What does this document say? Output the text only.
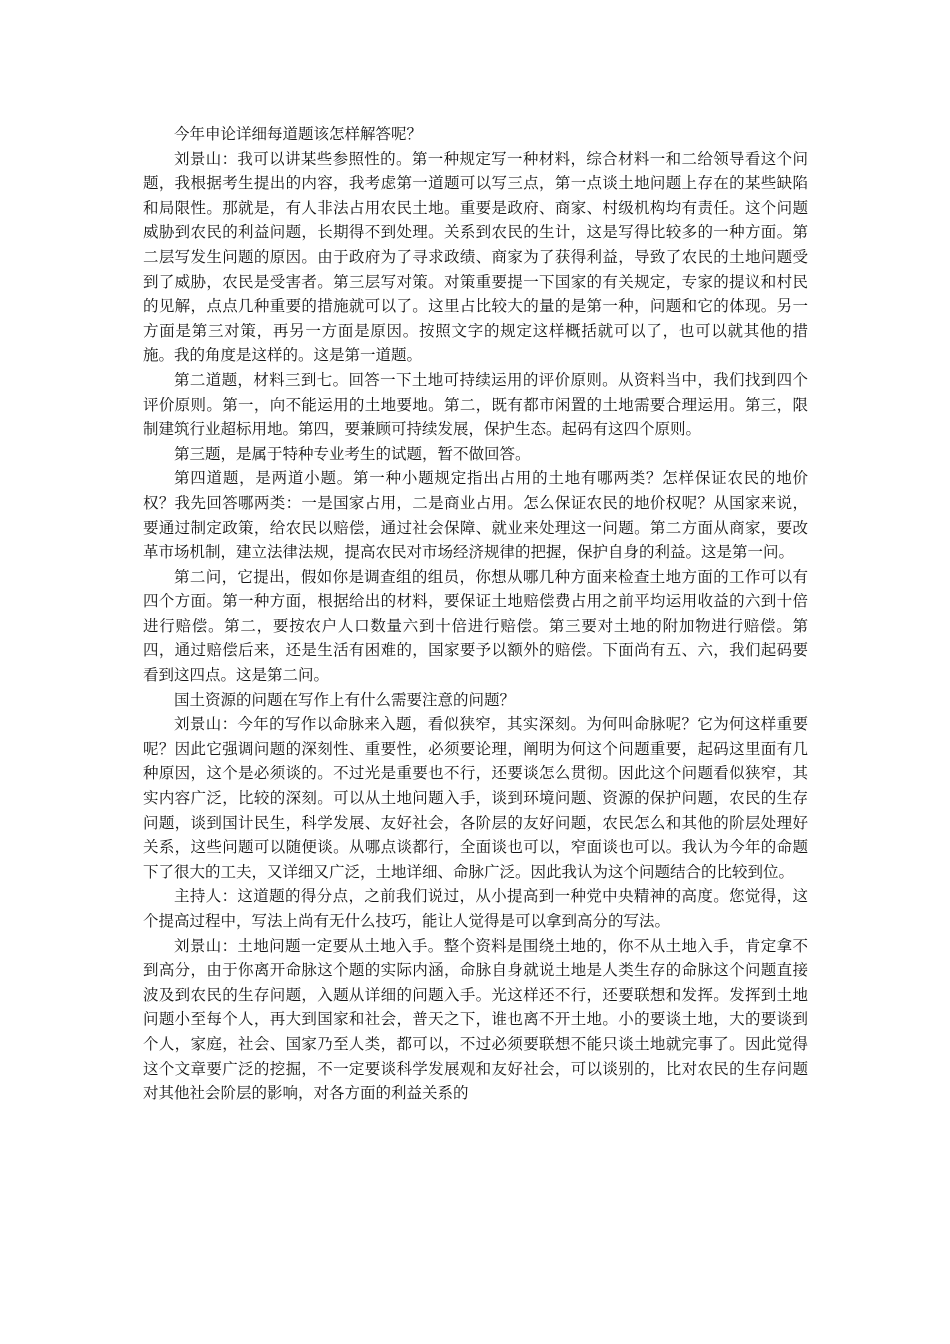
今年申论详细每道题该怎样解答呢？

刘景山：我可以讲某些参照性的。第一种规定写一种材料，综合材料一和二给领导看这个问题，我根据考生提出的内容，我考虑第一道题可以写三点，第一点谈土地问题上存在的某些缺陷和局限性。那就是，有人非法占用农民土地。重要是政府、商家、村级机构均有责任。这个问题威胁到农民的利益问题，长期得不到处理。关系到农民的生计，这是写得比较多的一种方面。第二层写发生问题的原因。由于政府为了寻求政绩、商家为了获得利益，导致了农民的土地问题受到了威胁，农民是受害者。第三层写对策。对策重要提一下国家的有关规定，专家的提议和村民的见解，点点几种重要的措施就可以了。这里占比较大的量的是第一种，问题和它的体现。另一方面是第三对策，再另一方面是原因。按照文字的规定这样概括就可以了，也可以就其他的措施。我的角度是这样的。这是第一道题。

第二道题，材料三到七。回答一下土地可持续运用的评价原则。从资料当中，我们找到四个评价原则。第一，向不能运用的土地要地。第二，既有都市闲置的土地需要合理运用。第三，限制建筑行业超标用地。第四，要兼顾可持续发展，保护生态。起码有这四个原则。

第三题，是属于特种专业考生的试题，暂不做回答。

第四道题，是两道小题。第一种小题规定指出占用的土地有哪两类？怎样保证农民的地价权？我先回答哪两类：一是国家占用，二是商业占用。怎么保证农民的地价权呢？从国家来说，要通过制定政策，给农民以赔偿，通过社会保障、就业来处理这一问题。第二方面从商家，要改革市场机制，建立法律法规，提高农民对市场经济规律的把握，保护自身的利益。这是第一问。

第二问，它提出，假如你是调查组的组员，你想从哪几种方面来检查土地方面的工作可以有四个方面。第一种方面，根据给出的材料，要保证土地赔偿费占用之前平均运用收益的六到十倍进行赔偿。第二，要按农户人口数量六到十倍进行赔偿。第三要对土地的附加物进行赔偿。第四，通过赔偿后来，还是生活有困难的，国家要予以额外的赔偿。下面尚有五、六，我们起码要看到这四点。这是第二问。

国土资源的问题在写作上有什么需要注意的问题？

刘景山：今年的写作以命脉来入题，看似狭窄，其实深刻。为何叫命脉呢？它为何这样重要呢？因此它强调问题的深刻性、重要性，必须要论理，阐明为何这个问题重要，起码这里面有几种原因，这个是必须谈的。不过光是重要也不行，还要谈怎么贯彻。因此这个问题看似狭窄，其实内容广泛，比较的深刻。可以从土地问题入手，谈到环境问题、资源的保护问题，农民的生存问题，谈到国计民生，科学发展、友好社会，各阶层的友好问题，农民怎么和其他的阶层处理好关系，这些问题可以随便谈。从哪点谈都行，全面谈也可以，窄面谈也可以。我认为今年的命题下了很大的工夫，又详细又广泛，土地详细、命脉广泛。因此我认为这个问题结合的比较到位。

主持人：这道题的得分点，之前我们说过，从小提高到一种党中央精神的高度。您觉得，这个提高过程中，写法上尚有无什么技巧，能让人觉得是可以拿到高分的写法。

刘景山：土地问题一定要从土地入手。整个资料是围绕土地的，你不从土地入手，肯定拿不到高分，由于你离开命脉这个题的实际内涵，命脉自身就说土地是人类生存的命脉这个问题直接波及到农民的生存问题，入题从详细的问题入手。光这样还不行，还要联想和发挥。发挥到土地问题小至每个人，再大到国家和社会，普天之下，谁也离不开土地。小的要谈土地，大的要谈到个人，家庭，社会、国家乃至人类，都可以，不过必须要联想不能只谈土地就完事了。因此觉得这个文章要广泛的挖掘，不一定要谈科学发展观和友好社会，可以谈别的，比对农民的生存问题对其他社会阶层的影响，对各方面的利益关系的
